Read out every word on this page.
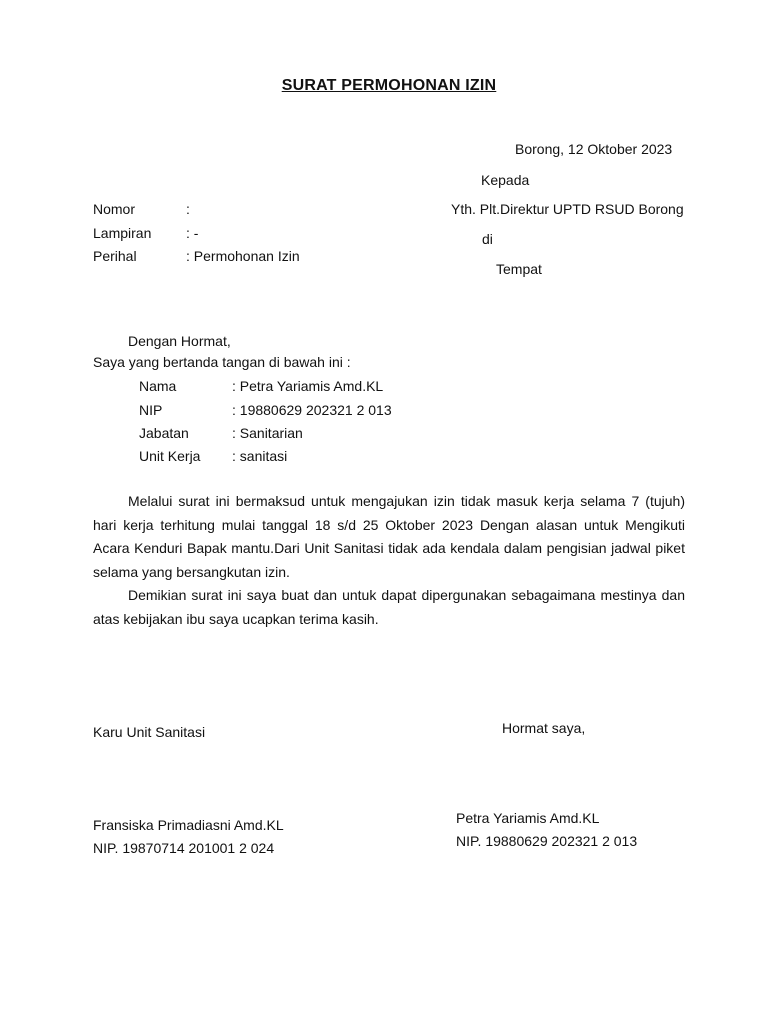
SURAT PERMOHONAN IZIN
Borong, 12 Oktober 2023
Kepada
Yth. Plt.Direktur UPTD RSUD Borong
di
Tempat
Nomor	:
Lampiran : -
Perihal	: Permohonan Izin
Dengan Hormat,
Saya yang bertanda tangan di bawah ini :
Nama	: Petra Yariamis Amd.KL
NIP	: 19880629 202321 2 013
Jabatan	: Sanitarian
Unit Kerja : sanitasi

Melalui surat ini bermaksud untuk mengajukan izin tidak masuk kerja selama 7 (tujuh) hari kerja terhitung mulai tanggal 18 s/d 25 Oktober 2023 Dengan alasan untuk Mengikuti Acara Kenduri Bapak mantu.Dari Unit Sanitasi tidak ada kendala dalam pengisian jadwal piket selama yang bersangkutan izin.

Demikian surat ini saya buat dan untuk dapat dipergunakan sebagaimana mestinya dan atas kebijakan ibu saya ucapkan terima kasih.

Karu Unit Sanitasi
Fransiska Primadiasni Amd.KL
NIP. 19870714 201001 2 024
Hormat saya,
Petra Yariamis Amd.KL
NIP. 19880629 202321 2 013
